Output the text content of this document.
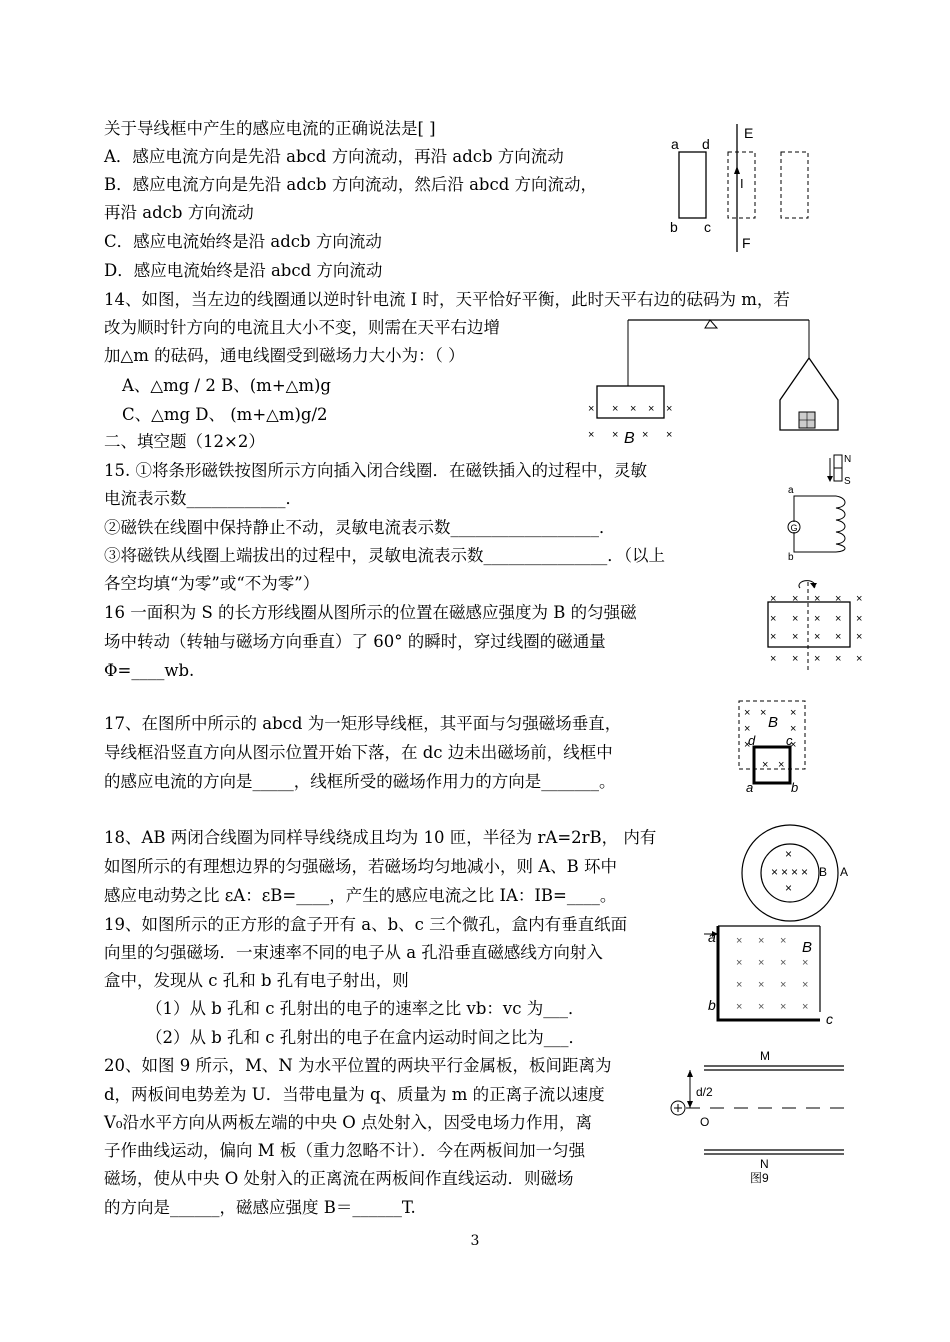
关于导线框中产生的感应电流的正确说法是[ ]
A．感应电流方向是先沿 abcd 方向流动，再沿 adcb 方向流动
B．感应电流方向是先沿 adcb 方向流动，然后沿 abcd 方向流动，
再沿 adcb 方向流动
C．感应电流始终是沿 adcb 方向流动
D．感应电流始终是沿 abcd 方向流动
14、如图，当左边的线圈通以逆时针电流 I 时，天平恰好平衡，此时天平右边的砝码为 m，若
改为顺时针方向的电流且大小不变，则需在天平右边增
加△m 的砝码，通电线圈受到磁场力大小为：（ ）
A、△mg / 2 B、(m+△m)g
C、△mg D、 (m+△m)g/2
二、填空题（12×2）
15. ①将条形磁铁按图所示方向插入闭合线圈．在磁铁插入的过程中，灵敏
电流表示数____________．
②磁铁在线圈中保持静止不动，灵敏电流表示数__________________．
③将磁铁从线圈上端拔出的过程中，灵敏电流表示数_______________．（以上
各空均填“为零”或“不为零”）
16 一面积为 S 的长方形线圈从图所示的位置在磁感应强度为 B 的匀强磁
场中转动（转轴与磁场方向垂直）了 60° 的瞬时，穿过线圈的磁通量
Φ=____wb.
17、在图所中所示的 abcd 为一矩形导线框，其平面与匀强磁场垂直，
导线框沿竖直方向从图示位置开始下落，在 dc 边未出磁场前，线框中
的感应电流的方向是_____，线框所受的磁场作用力的方向是_______。
18、AB 两闭合线圈为同样导线绕成且均为 10 匝，半径为 rA=2rB， 内有
如图所示的有理想边界的匀强磁场，若磁场均匀地减小，则 A、B 环中
感应电动势之比 εA：εB=____，产生的感应电流之比 IA：IB=____。
19、如图所示的正方形的盒子开有 a、b、c 三个微孔，盒内有垂直纸面
向里的匀强磁场．一束速率不同的电子从 a 孔沿垂直磁感线方向射入
盒中，发现从 c 孔和 b 孔有电子射出，则
（1）从 b 孔和 c 孔射出的电子的速率之比 vb：vc 为___．
（2）从 b 孔和 c 孔射出的电子在盒内运动时间之比为___．
20、如图 9 所示，M、N 为水平位置的两块平行金属板，板间距离为
d，两板间电势差为 U．当带电量为 q、质量为 m 的正离子流以速度
V₀沿水平方向从两板左端的中央 O 点处射入，因受电场力作用，离
子作曲线运动，偏向 M 板（重力忽略不计）．今在两板间加一匀强
磁场，使从中央 O 处射入的正离流在两板间作直线运动．则磁场
的方向是______，磁感应强度 B＝______T.
a d
b c
E
F
I
× × × × ×
× × × ×
B
N
S
a
b
G
× × × × ×
× × × × ×
× × × × ×
× × × × ×
× × ×
×	×
×	×
× ×
B
d c
a	b
×
× × × ×
×
B A
× × ×
× × × ×
× × × ×
× × × ×
a
b
c
B
M
d/2
O
N
图9
3
